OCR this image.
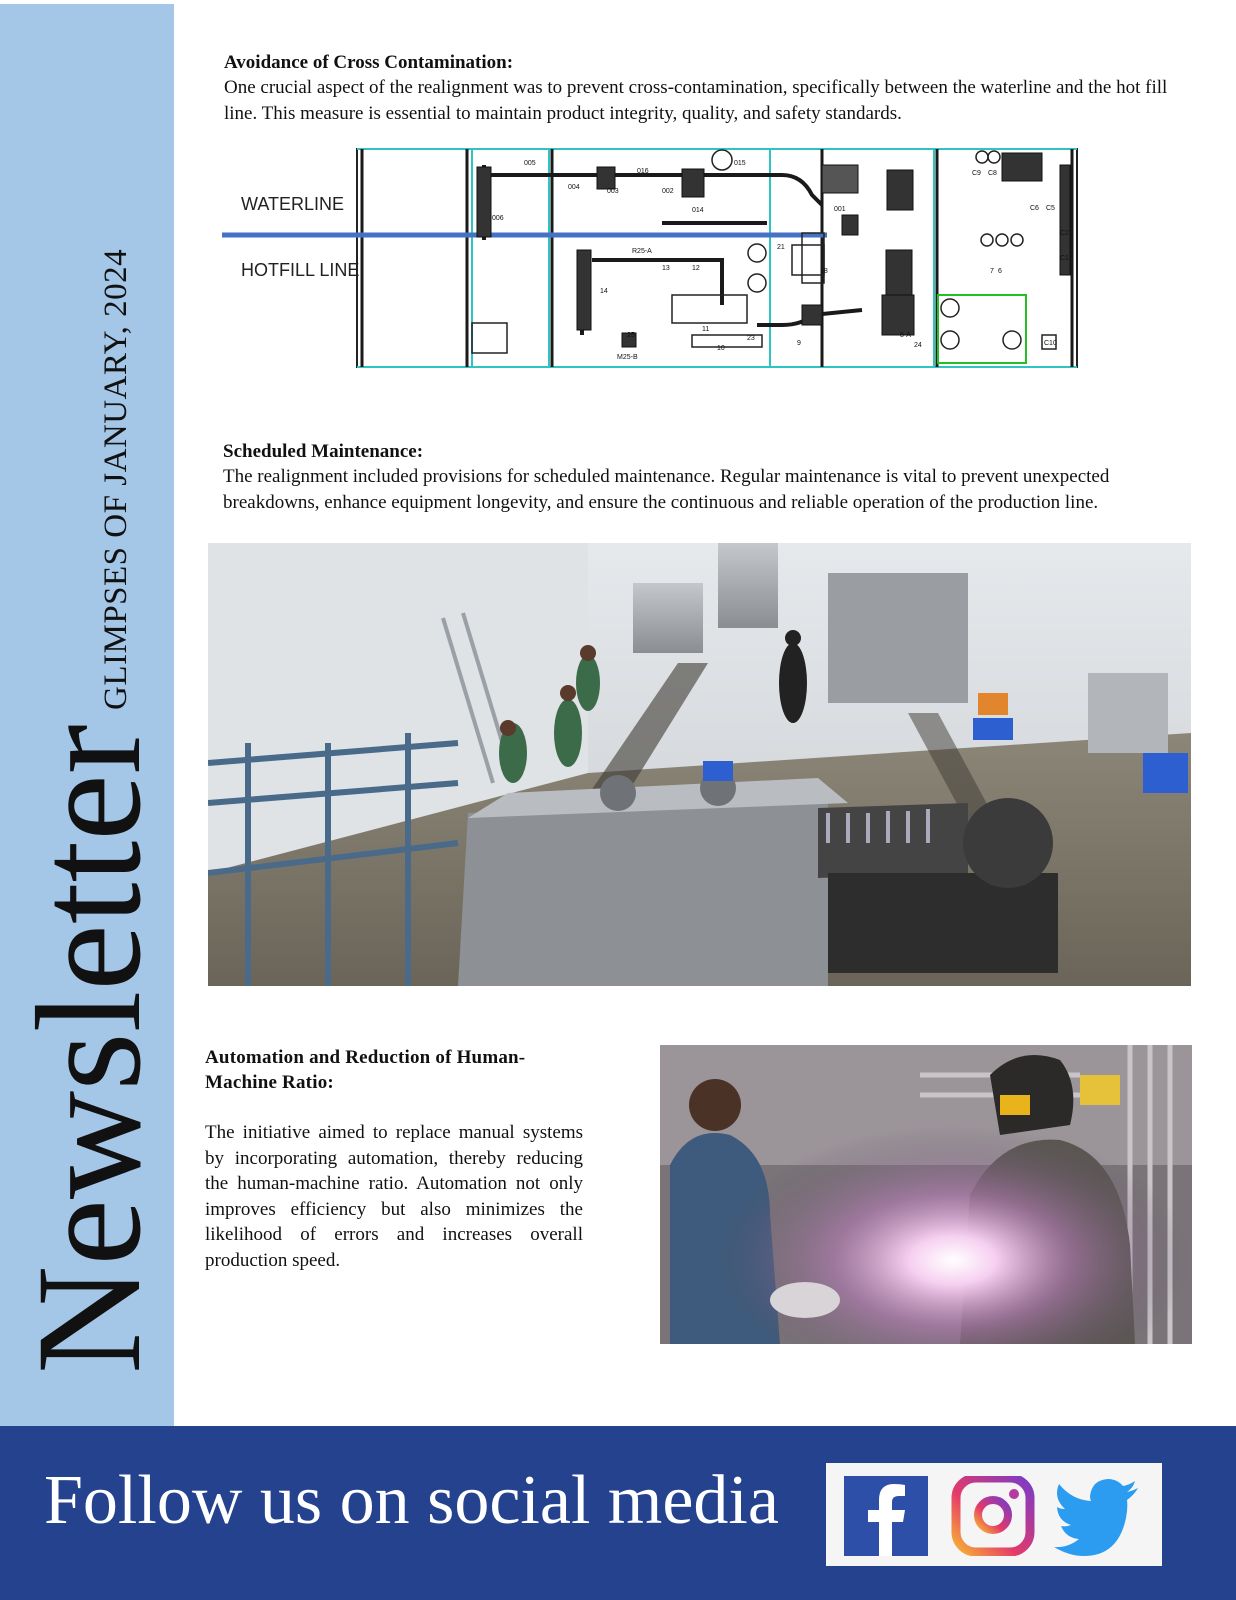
Newsletter
GLIMPSES OF JANUARY, 2024
Avoidance of Cross Contamination:
One crucial aspect of the realignment was to prevent cross-contamination, specifically between the waterline and the hot fill line. This measure is essential to maintain product integrity, quality, and safety standards.
005
004
003
016
002
015
006
014	001
R25-A
13	12
21
18
14
11
10
23
9
8-A
24
25
M25-B
C9 C8
C6 C5
C2
C1
C10
7 6
WATERLINE
HOTFILL LINE
Scheduled Maintenance:
The realignment included provisions for scheduled maintenance. Regular maintenance is vital to prevent unexpected breakdowns, enhance equipment longevity, and ensure the continuous and reliable operation of the production line.
Automation and Reduction of Human-Machine Ratio:
The initiative aimed to replace manual systems by incorporating automation, thereby reducing the human-machine ratio. Automation not only improves efficiency but also minimizes the likelihood of errors and increases overall production speed.
Follow us on social media
